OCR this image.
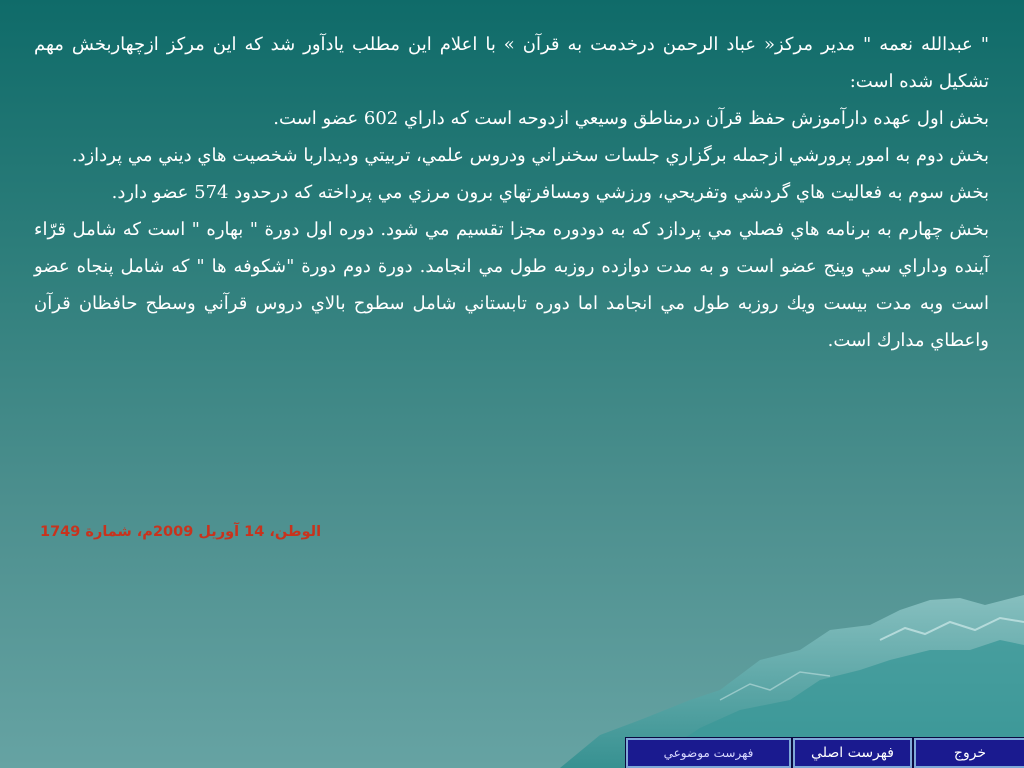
" عبدالله نعمه " مدير مركز« عباد الرحمن درخدمت به قرآن » با اعلام اين مطلب يادآور شد كه اين مركز ازچهاربخش مهم تشكيل شده است:

بخش اول عهده دارآموزش حفظ قرآن درمناطق وسيعي ازدوحه است كه داراي 602 عضو است.

بخش دوم به امور پرورشي ازجمله برگزاري جلسات سخنراني ودروس علمي، تربيتي وديداربا شخصيت هاي ديني مي پردازد.

بخش سوم به فعاليت هاي گردشي وتفريحي، ورزشي ومسافرتهاي برون مرزي مي پرداخته كه درحدود 574 عضو دارد.

بخش چهارم به برنامه هاي فصلي مي پردازد كه به دودوره مجزا تقسيم مي شود. دوره اول دورة " بهاره " است كه شامل قرّاء آينده وداراي سي وپنج عضو است و به مدت دوازده روزبه طول مي انجامد. دورة دوم دورة "شكوفه ها " كه شامل پنجاه عضو است وبه مدت بيست ويك روزبه طول مي انجامد اما دوره تابستاني شامل سطوح بالاي دروس قرآني وسطح حافظان قرآن واعطاي مدارك است.

الوطن، 14 آوريل 2009م، شمارة 1749
فهرست موضوعي	فهرست اصلي	خروج
